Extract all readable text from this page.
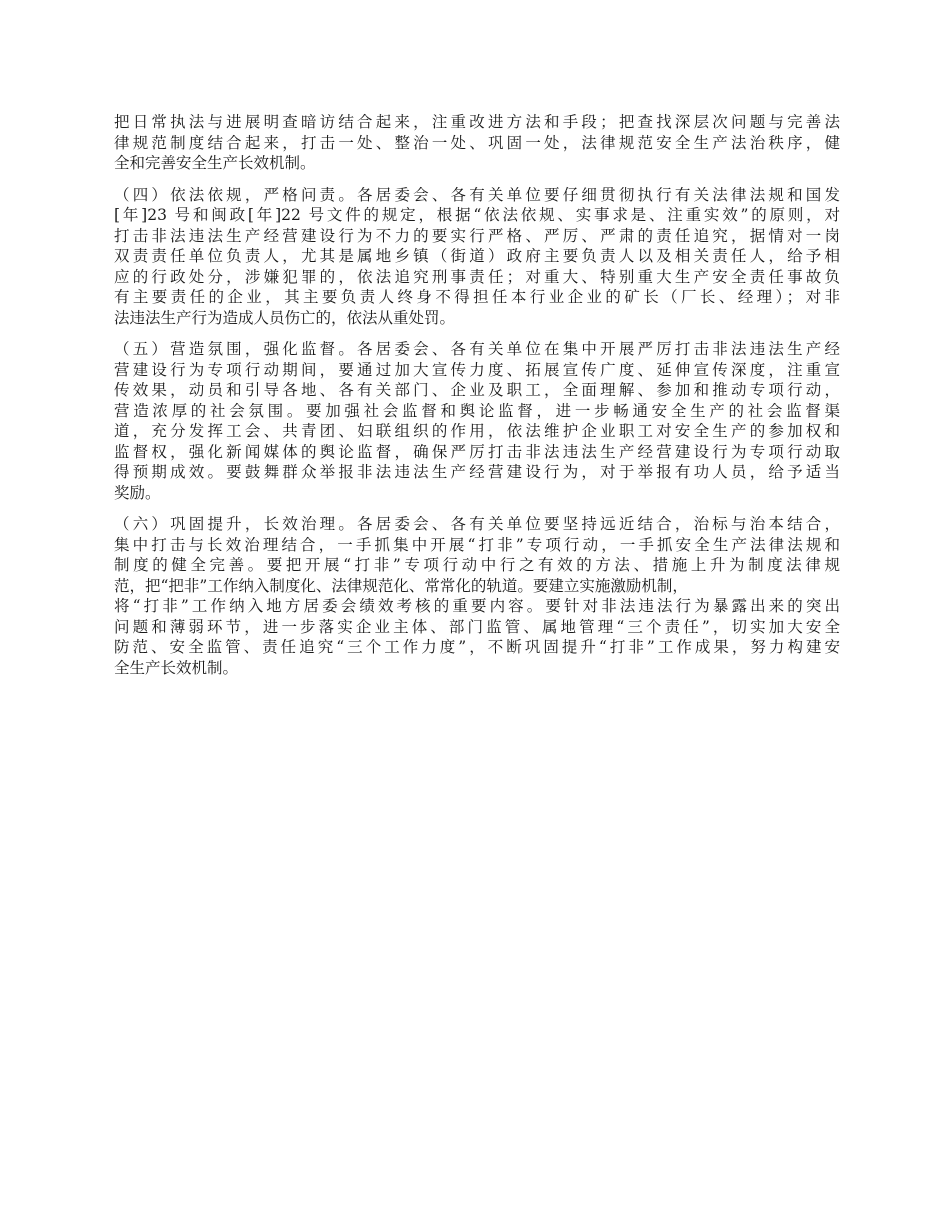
把日常执法与进展明查暗访结合起来，注重改进方法和手段；把查找深层次问题与完善法
律规范制度结合起来，打击一处、整治一处、巩固一处，法律规范安全生产法治秩序，健
全和完善安全生产长效机制。
（四）依法依规，严格问责。各居委会、各有关单位要仔细贯彻执行有关法律法规和国发
[年]23 号和闽政[年]22 号文件的规定，根据“依法依规、实事求是、注重实效”的原则，对
打击非法违法生产经营建设行为不力的要实行严格、严厉、严肃的责任追究，据情对一岗
双责责任单位负责人，尤其是属地乡镇（街道）政府主要负责人以及相关责任人，给予相
应的行政处分，涉嫌犯罪的，依法追究刑事责任；对重大、特别重大生产安全责任事故负
有主要责任的企业，其主要负责人终身不得担任本行业企业的矿长（厂长、经理）；对非
法违法生产行为造成人员伤亡的，依法从重处罚。
（五）营造氛围，强化监督。各居委会、各有关单位在集中开展严厉打击非法违法生产经
营建设行为专项行动期间，要通过加大宣传力度、拓展宣传广度、延伸宣传深度，注重宣
传效果，动员和引导各地、各有关部门、企业及职工，全面理解、参加和推动专项行动，
营造浓厚的社会氛围。要加强社会监督和舆论监督，进一步畅通安全生产的社会监督渠
道，充分发挥工会、共青团、妇联组织的作用，依法维护企业职工对安全生产的参加权和
监督权，强化新闻媒体的舆论监督，确保严厉打击非法违法生产经营建设行为专项行动取
得预期成效。要鼓舞群众举报非法违法生产经营建设行为，对于举报有功人员，给予适当
奖励。
（六）巩固提升，长效治理。各居委会、各有关单位要坚持远近结合，治标与治本结合，
集中打击与长效治理结合，一手抓集中开展“打非”专项行动，一手抓安全生产法律法规和
制度的健全完善。要把开展“打非”专项行动中行之有效的方法、措施上升为制度法律规
范，把“把非”工作纳入制度化、法律规范化、常常化的轨道。要建立实施激励机制，
将“打非”工作纳入地方居委会绩效考核的重要内容。要针对非法违法行为暴露出来的突出
问题和薄弱环节，进一步落实企业主体、部门监管、属地管理“三个责任”，切实加大安全
防范、安全监管、责任追究“三个工作力度”，不断巩固提升“打非”工作成果，努力构建安
全生产长效机制。
